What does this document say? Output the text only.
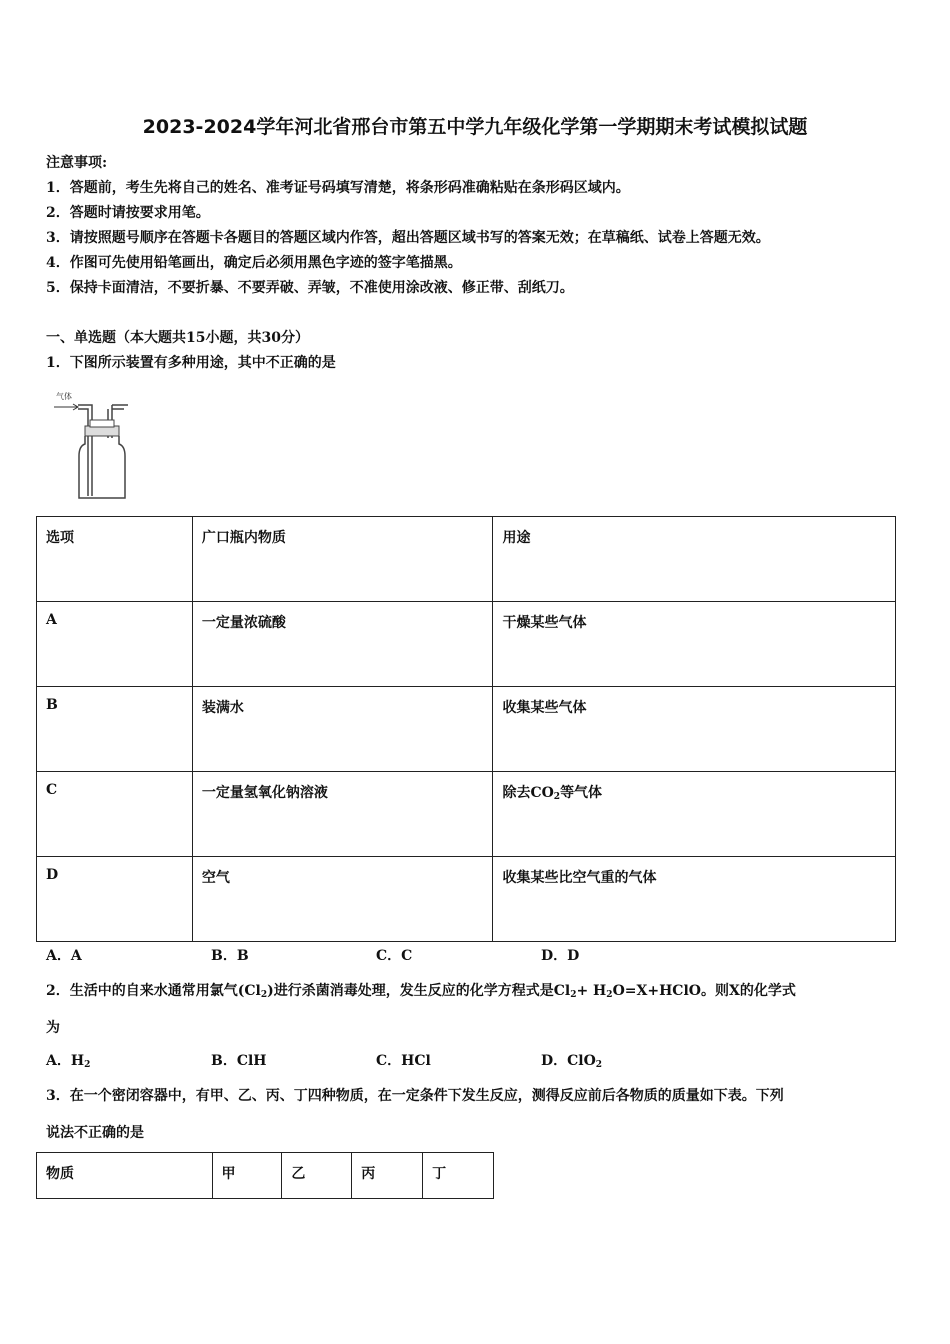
2023-2024学年河北省邢台市第五中学九年级化学第一学期期末考试模拟试题
注意事项:
1．答题前，考生先将自己的姓名、准考证号码填写清楚，将条形码准确粘贴在条形码区域内。
2．答题时请按要求用笔。
3．请按照题号顺序在答题卡各题目的答题区域内作答，超出答题区域书写的答案无效；在草稿纸、试卷上答题无效。
4．作图可先使用铅笔画出，确定后必须用黑色字迹的签字笔描黑。
5．保持卡面清洁，不要折暴、不要弄破、弄皱，不准使用涂改液、修正带、刮纸刀。
一、单选题（本大题共15小题，共30分）
1．下图所示装置有多种用途，其中不正确的是
气体
选项	广口瓶内物质	用途
A	一定量浓硫酸	干燥某些气体
B	装满水	收集某些气体
C	一定量氢氧化钠溶液	除去$CO_2$等气体
D	空气	收集某些比空气重的气体
A．A	B．B	C．C	D．D
2．生活中的自来水通常用氯气$(Cl_2)$进行杀菌消毒处理，发生反应的化学方程式是$Cl_2+$ $H_2O=X+HClO$。则X的化学式
为
A．$H_2$	B．ClH	C．HCl	D．ClO$_2$
3．在一个密闭容器中，有甲、乙、丙、丁四种物质，在一定条件下发生反应，测得反应前后各物质的质量如下表。下列
说法不正确的是
物质	甲	乙	丙	丁
